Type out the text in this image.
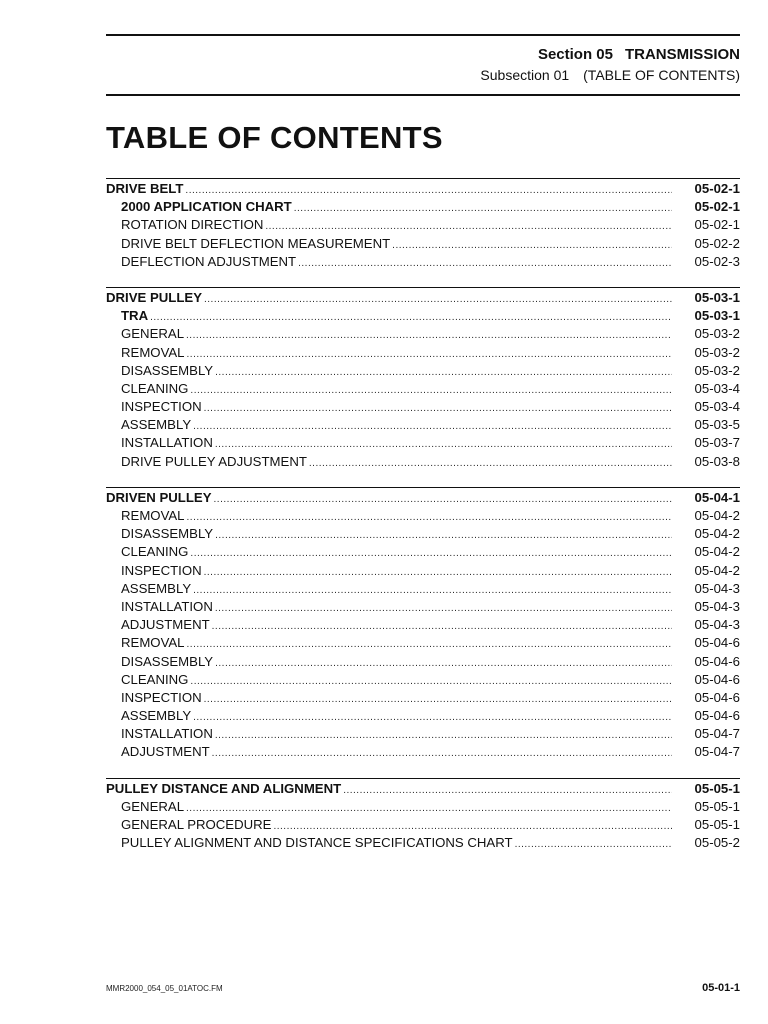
Section 05 TRANSMISSION
Subsection 01 (TABLE OF CONTENTS)
TABLE OF CONTENTS
DRIVE BELT .....	05-02-1
2000 APPLICATION CHART .....	05-02-1
ROTATION DIRECTION .....	05-02-1
DRIVE BELT DEFLECTION MEASUREMENT .....	05-02-2
DEFLECTION ADJUSTMENT .....	05-02-3
DRIVE PULLEY .....	05-03-1
TRA .....	05-03-1
GENERAL .....	05-03-2
REMOVAL .....	05-03-2
DISASSEMBLY .....	05-03-2
CLEANING .....	05-03-4
INSPECTION .....	05-03-4
ASSEMBLY .....	05-03-5
INSTALLATION .....	05-03-7
DRIVE PULLEY ADJUSTMENT .....	05-03-8
DRIVEN PULLEY .....	05-04-1
REMOVAL .....	05-04-2
DISASSEMBLY .....	05-04-2
CLEANING .....	05-04-2
INSPECTION .....	05-04-2
ASSEMBLY .....	05-04-3
INSTALLATION .....	05-04-3
ADJUSTMENT .....	05-04-3
REMOVAL .....	05-04-6
DISASSEMBLY .....	05-04-6
CLEANING .....	05-04-6
INSPECTION .....	05-04-6
ASSEMBLY .....	05-04-6
INSTALLATION .....	05-04-7
ADJUSTMENT .....	05-04-7
PULLEY DISTANCE AND ALIGNMENT .....	05-05-1
GENERAL .....	05-05-1
GENERAL PROCEDURE .....	05-05-1
PULLEY ALIGNMENT AND DISTANCE SPECIFICATIONS CHART .....	05-05-2
MMR2000_054_05_01ATOC.FM	05-01-1
